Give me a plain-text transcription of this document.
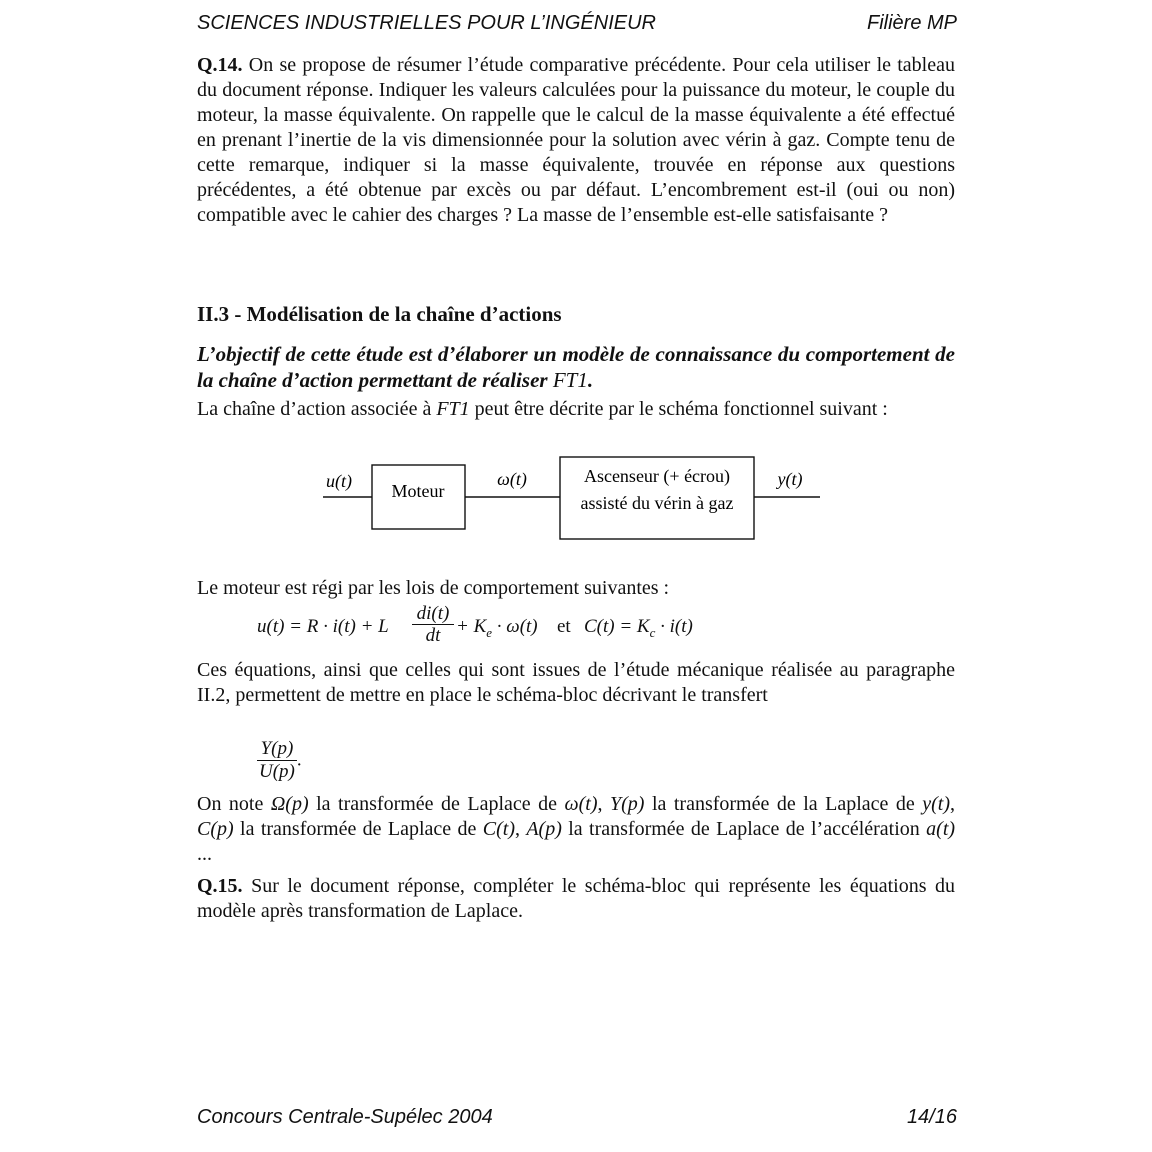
SCIENCES INDUSTRIELLES POUR L’INGÉNIEUR	Filière MP
Q.14. On se propose de résumer l’étude comparative précédente. Pour cela utiliser le tableau du document réponse. Indiquer les valeurs calculées pour la puissance du moteur, le couple du moteur, la masse équivalente. On rappelle que le calcul de la masse équivalente a été effectué en prenant l’inertie de la vis dimensionnée pour la solution avec vérin à gaz. Compte tenu de cette remarque, indiquer si la masse équivalente, trouvée en réponse aux questions précédentes, a été obtenue par excès ou par défaut. L’encombrement est-il (oui ou non) compatible avec le cahier des charges ? La masse de l’ensemble est-elle satisfaisante ?
II.3 - Modélisation de la chaîne d’actions
L’objectif de cette étude est d’élaborer un modèle de connaissance du comportement de la chaîne d’action permettant de réaliser FT1.
La chaîne d’action associée à FT1 peut être décrite par le schéma fonctionnel suivant :
u(t) Moteur
ω(t)	Ascenseur (+ écrou)
assisté du vérin à gaz
y(t)
Le moteur est régi par les lois de comportement suivantes :
u(t) = R · i(t) + L $\frac{di(t)}{dt} + K_e \cdot \omega(t)$ et $C(t) = K_c \cdot i(t)$
Ces équations, ainsi que celles qui sont issues de l’étude mécanique réalisée au paragraphe II.2, permettent de mettre en place le schéma-bloc décrivant le transfert
$\frac{Y(p)}{U(p)}$ .
On note Ω(p) la transformée de Laplace de ω(t), Y(p) la transformée de la Laplace de y(t), C(p) la transformée de Laplace de C(t), A(p) la transformée de Laplace de l’accélération a(t) ...
Q.15. Sur le document réponse, compléter le schéma-bloc qui représente les équations du modèle après transformation de Laplace.
Concours Centrale-Supélec 2004	14/16
